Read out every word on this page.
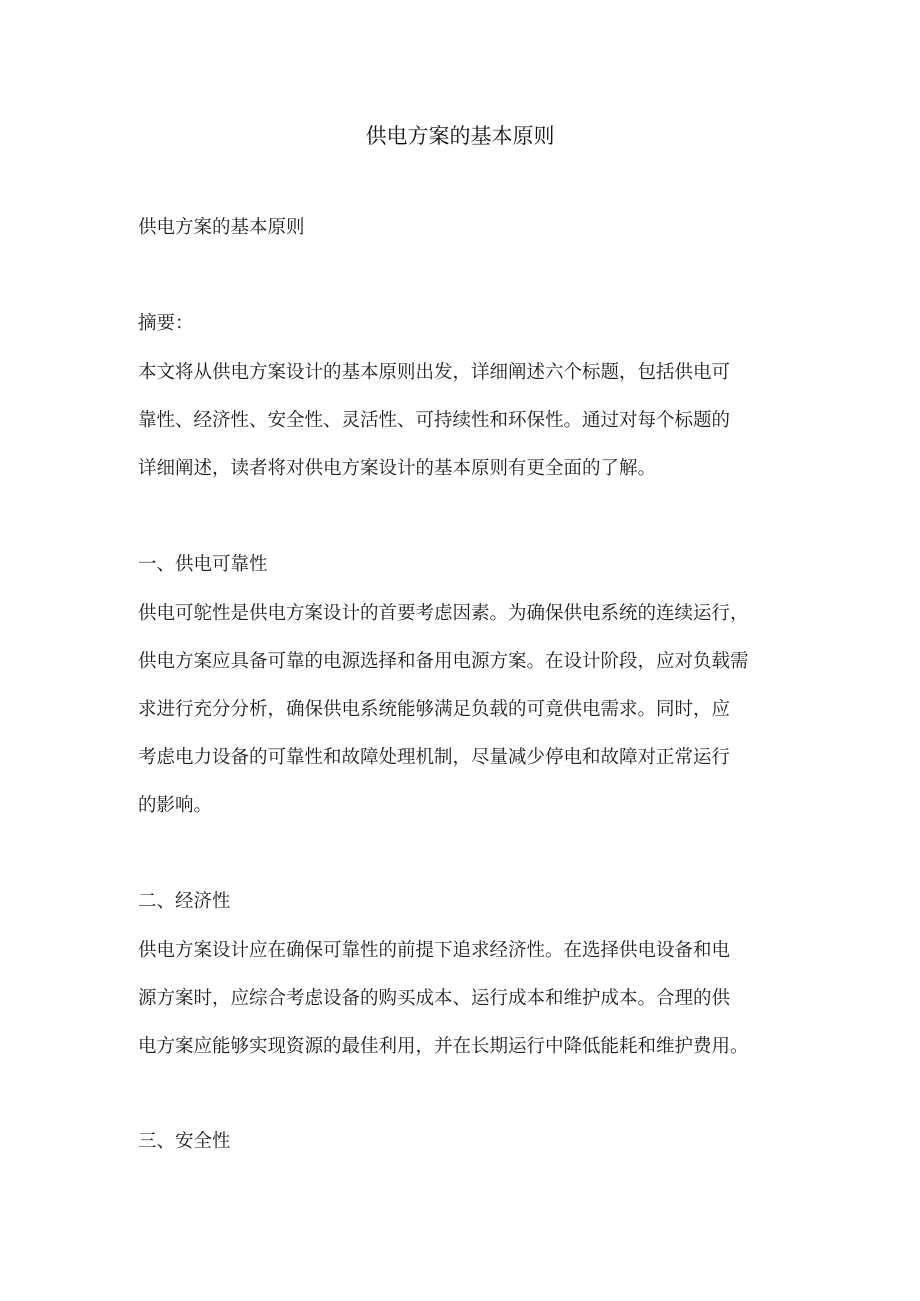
供电方案的基本原则
供电方案的基本原则
摘要：
本文将从供电方案设计的基本原则出发，详细阐述六个标题，包括供电可
靠性、经济性、安全性、灵活性、可持续性和环保性。通过对每个标题的
详细阐述，读者将对供电方案设计的基本原则有更全面的了解。
一、供电可靠性
供电可鸵性是供电方案设计的首要考虑因素。为确保供电系统的连续运行，
供电方案应具备可靠的电源选择和备用电源方案。在设计阶段，应对负载需
求进行充分分析，确保供电系统能够满足负载的可竟供电需求。同时，应
考虑电力设备的可靠性和故障处理机制，尽量减少停电和故障对正常运行
的影响。
二、经济性
供电方案设计应在确保可靠性的前提下追求经济性。在选择供电设备和电
源方案时，应综合考虑设备的购买成本、运行成本和维护成本。合理的供
电方案应能够实现资源的最佳利用，并在长期运行中降低能耗和维护费用。
三、安全性
